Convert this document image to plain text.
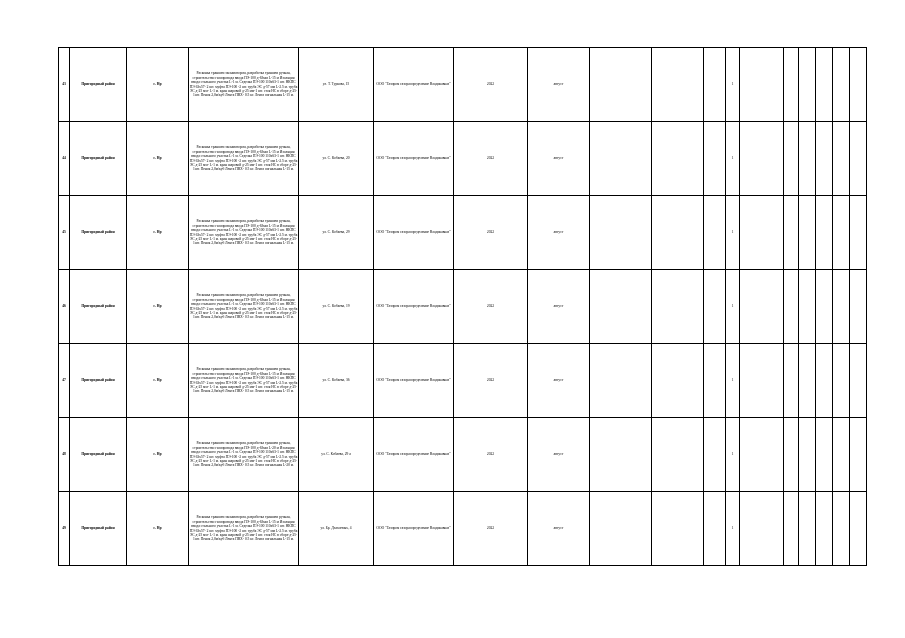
43	Пригородный район	с. Нр	Расконка траншеи экскаватором, разработка траншеи ручная, строительство газопровода ввода ПЭ-100 д-63мм L-15 м Изоляция ввода стального участка L-1 м. Седелка ПЭ-100 110х63-1 шт. НКПС ПЭ 63х57- 2 шт. муфта ПЭ-100 -2 шт. труба ЭС д-57 мм L-2.5 м. труба ЭС д-25 мм- L-1 м. кран шаровой д-25 мм-1 шт. стоя НС в сборе д-25-1шт. Пенок 2,0м/куб Лента ПВХ- 0.5 кг. Лента сигнальная L-15 м.	ул. Т. Туркова, 15	ООО "Газпром газораспределение Владикавказ"	2022	август				1						
44	Пригородный район	с. Нр	Расконка траншеи экскаватором, разработка траншеи ручная, строительство газопровода ввода ПЭ-100 д-63мм L-15 м Изоляция ввода стального участка L-1 м. Седелка ПЭ-100 110х63-1 шт. НКПС ПЭ 63х57- 2 шт. муфта ПЭ-100 -2 шт. труба ЭС д-57 мм L-2.5 м. труба ЭС д-25 мм- L-1 м. кран шаровой д-25 мм-1 шт. стоя НС в сборе д-25-1шт. Пенок 2,0м/куб Лента ПВХ- 0.5 кг. Лента сигнальная L-15 м.	ул. С. Кобаева, 20	ООО "Газпром газораспределение Владикавказ"	2022	август				1						
45	Пригородный район	с. Нр	Расконка траншеи экскаватором, разработка траншеи ручная, строительство газопровода ввода ПЭ-100 д-63мм L-15 м Изоляция ввода стального участка L-1 м. Седелка ПЭ-100 110х63-1 шт. НКПС ПЭ 63х57- 2 шт. муфта ПЭ-100 -2 шт. труба ЭС д-57 мм L-2.5 м. труба ЭС д-25 мм- L-1 м. кран шаровой д-25 мм-1 шт. стоя НС в сборе д-25-1шт. Пенок 2,0м/куб Лента ПВХ- 0.5 кг. Лента сигнальная L-15 м.	ул. С. Кобаева, 29	ООО "Газпром газораспределение Владикавказ"	2022	август				1						
46	Пригородный район	с. Нр	Расконка траншеи экскаватором, разработка траншеи ручная, строительство газопровода ввода ПЭ-100 д-63мм L-15 м Изоляция ввода стального участка L-1 м. Седелка ПЭ-100 110х63-1 шт. НКПС ПЭ 63х57- 2 шт. муфта ПЭ-100 -2 шт. труба ЭС д-57 мм L-2.5 м. труба ЭС д-25 мм- L-1 м. кран шаровой д-25 мм-1 шт. стоя НС в сборе д-25-1шт. Пенок 2,0м/куб Лента ПВХ- 0.5 кг. Лента сигнальная L-15 м.	ул. С. Кобаева, 19	ООО "Газпром газораспределение Владикавказ"	2022	август				1						
47	Пригородный район	с. Нр	Расконка траншеи экскаватором, разработка траншеи ручная, строительство газопровода ввода ПЭ-100 д-63мм L-15 м Изоляция ввода стального участка L-1 м. Седелка ПЭ-100 110х63-1 шт. НКПС ПЭ 63х57- 2 шт. муфта ПЭ-100 -2 шт. труба ЭС д-57 мм L-2.5 м. труба ЭС д-25 мм- L-1 м. кран шаровой д-25 мм-1 шт. стоя НС в сборе д-25-1шт. Пенок 2,0м/куб Лента ПВХ- 0.5 кг. Лента сигнальная L-15 м.	ул. С. Кобаева, 36	ООО "Газпром газораспределение Владикавказ"	2022	август				1						
48	Пригородный район	с. Нр	Расконка траншеи экскаватором, разработка траншеи ручная, строительство газопровода ввода ПЭ-100 д-63мм L-20 м Изоляция ввода стального участка L-1 м. Седелка ПЭ-100 110х63-1 шт. НКПС ПЭ 63х57- 2 шт. муфта ПЭ-100 -2 шт. труба ЭС д-57 мм L-2.5 м. труба ЭС д-25 мм- L-1 м. кран шаровой д-25 мм-1 шт. стоя НС в сборе д-25-1шт. Пенок 2,0м/куб Лента ПВХ- 0.5 кг. Лента сигнальная L-20 м.	ул. С. Кобаева, 29 а	ООО "Газпром газораспределение Владикавказ"	2022	август				1						
49	Пригородный район	с. Нр	Расконка траншеи экскаватором, разработка траншеи ручная, строительство газопровода ввода ПЭ-100 д-63мм L-15 м Изоляция ввода стального участка L-1 м. Седелка ПЭ-100 110х63-1 шт. НКПС ПЭ 63х57- 2 шт. муфта ПЭ-100 -2 шт. труба ЭС д-57 мм L-2.5 м. труба ЭС д-25 мм- L-1 м. кран шаровой д-25 мм-1 шт. стоя НС в сборе д-25-1шт. Пенок 2,0м/куб Лента ПВХ- 0.5 кг. Лента сигнальная L-15 м.	ул. Бр. Дзахоевых, 4	ООО "Газпром газораспределение Владикавказ"	2022	август				1						
